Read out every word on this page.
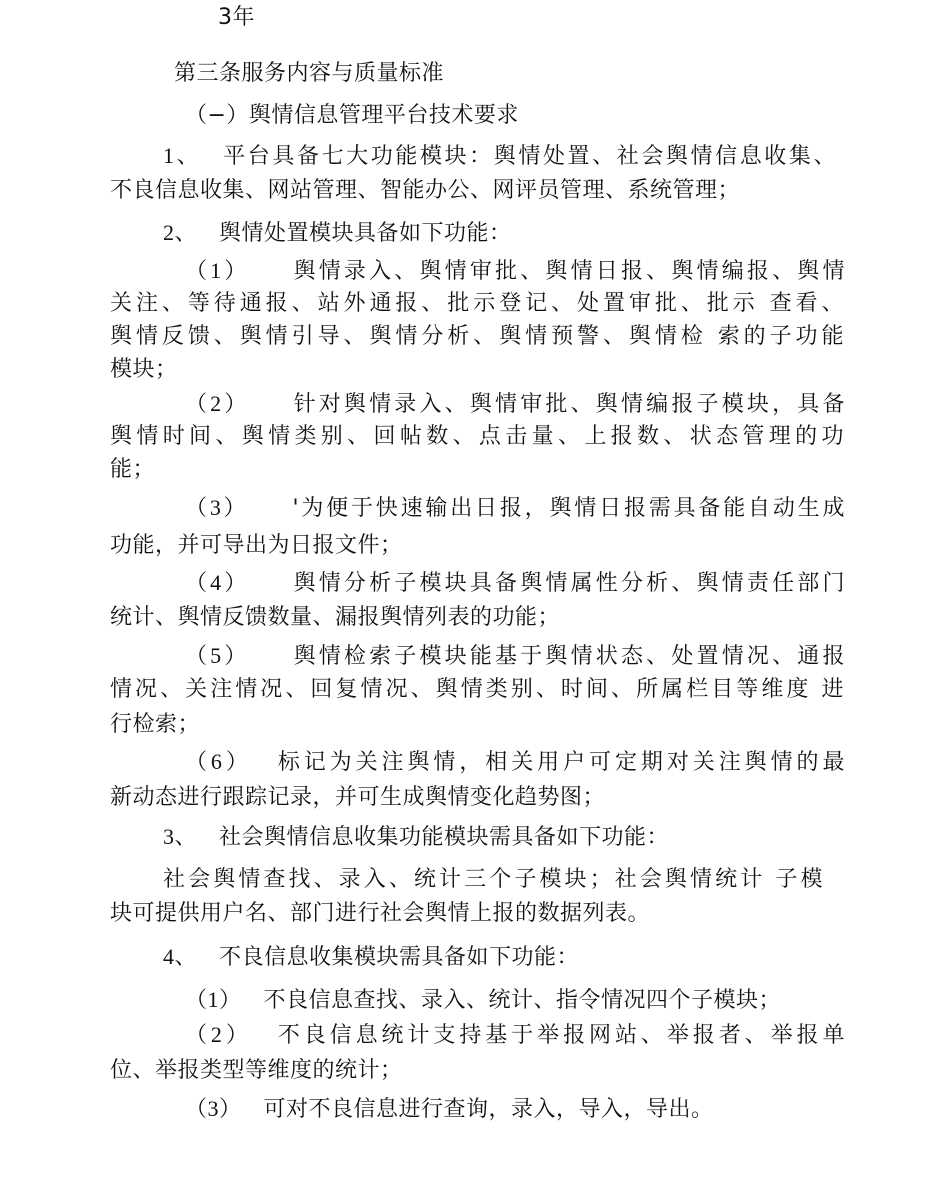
3年
第三条服务内容与质量标准
（−）舆情信息管理平台技术要求
1、 平台具备七大功能模块：舆情处置、社会舆情信息收集、
不良信息收集、网站管理、智能办公、网评员管理、系统管理；
2、 舆情处置模块具备如下功能：
（1） 舆情录入、舆情审批、舆情日报、舆情编报、舆情
关注、等待通报、站外通报、批示登记、处置审批、批示 查看、
舆情反馈、舆情引导、舆情分析、舆情预警、舆情检 索的子功能
模块；
（2） 针对舆情录入、舆情审批、舆情编报子模块，具备
舆情时间、舆情类别、回帖数、点击量、上报数、状态管理的功
能；
（3） '为便于快速输出日报，舆情日报需具备能自动生成
功能，并可导出为日报文件；
（4） 舆情分析子模块具备舆情属性分析、舆情责任部门
统计、舆情反馈数量、漏报舆情列表的功能；
（5） 舆情检索子模块能基于舆情状态、处置情况、通报
情况、关注情况、回复情况、舆情类别、时间、所属栏目等维度 进
行检索；
（6） 标记为关注舆情，相关用户可定期对关注舆情的最
新动态进行跟踪记录，并可生成舆情变化趋势图；
3、 社会舆情信息收集功能模块需具备如下功能：
社会舆情查找、录入、统计三个子模块；社会舆情统计 子模
块可提供用户名、部门进行社会舆情上报的数据列表。
4、 不良信息收集模块需具备如下功能：
（1） 不良信息查找、录入、统计、指令情况四个子模块；
（2） 不良信息统计支持基于举报网站、举报者、举报单
位、举报类型等维度的统计；
（3） 可对不良信息进行查询，录入，导入，导出。
